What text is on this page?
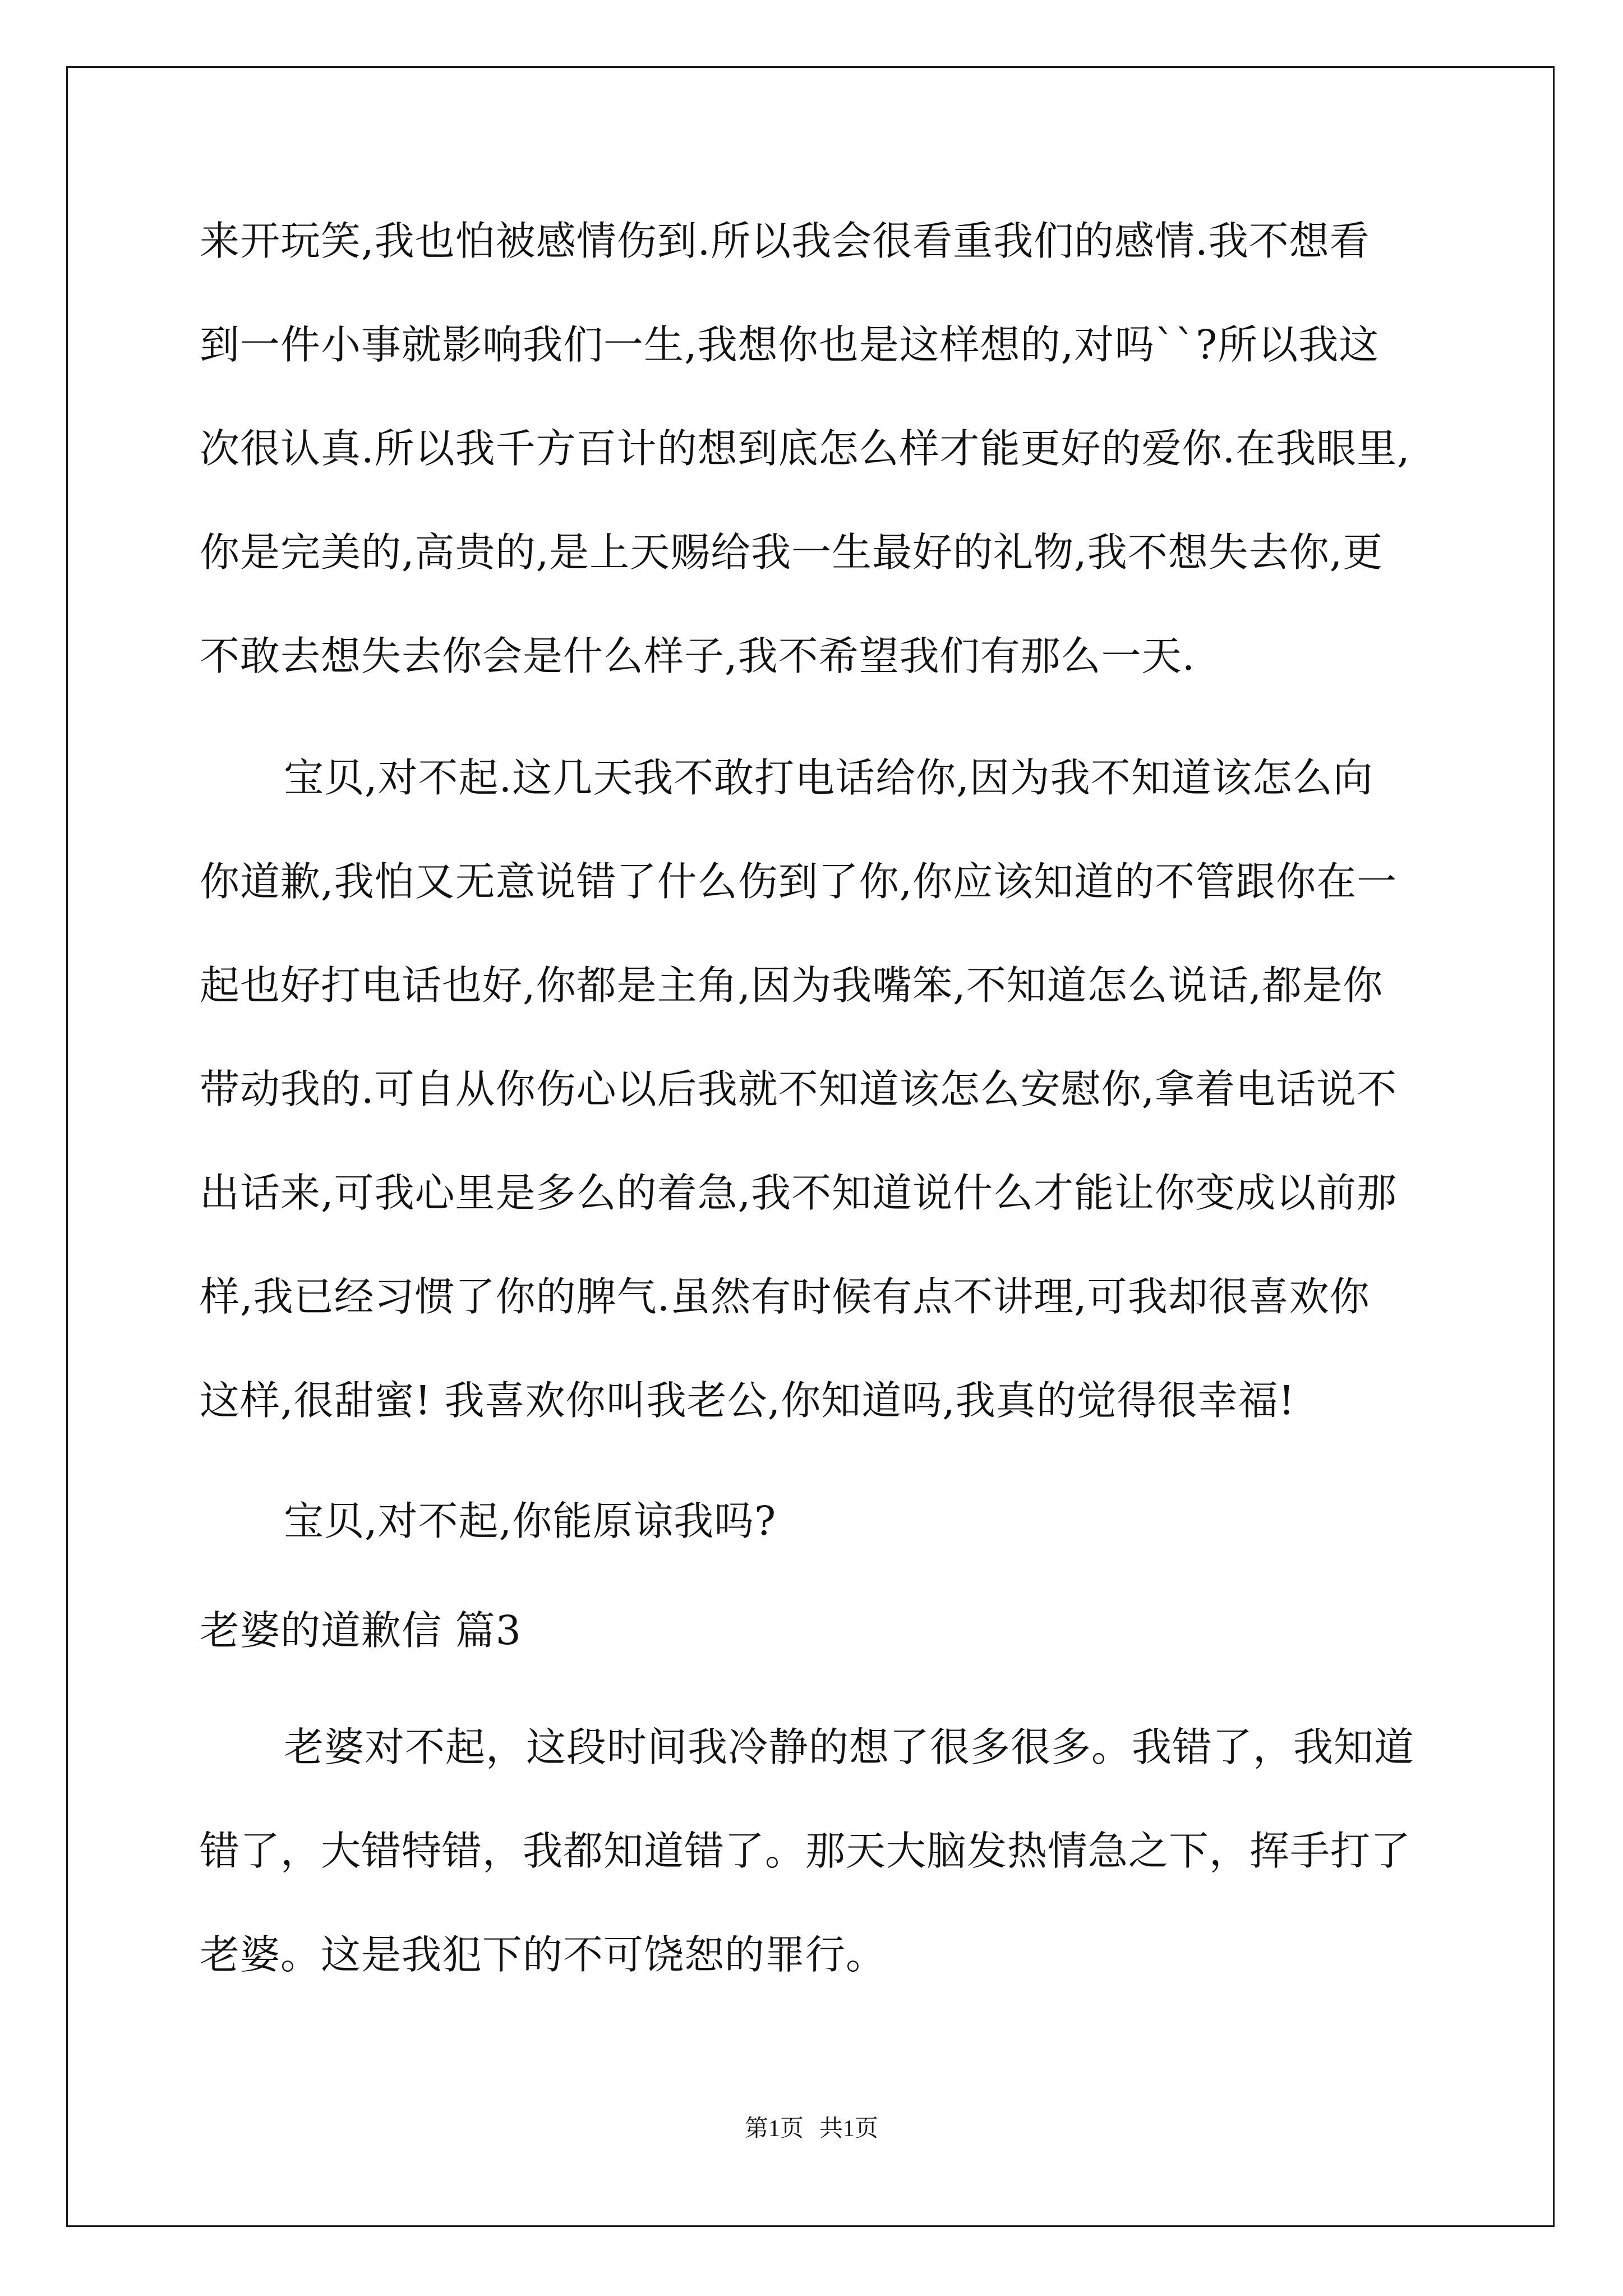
来开玩笑,我也怕被感情伤到.所以我会很看重我们的感情.我不想看
到一件小事就影响我们一生,我想你也是这样想的,对吗``?所以我这
次很认真.所以我千方百计的想到底怎么样才能更好的爱你.在我眼里,
你是完美的,高贵的,是上天赐给我一生最好的礼物,我不想失去你,更
不敢去想失去你会是什么样子,我不希望我们有那么一天.
宝贝,对不起.这几天我不敢打电话给你,因为我不知道该怎么向
你道歉,我怕又无意说错了什么伤到了你,你应该知道的不管跟你在一
起也好打电话也好,你都是主角,因为我嘴笨,不知道怎么说话,都是你
带动我的.可自从你伤心以后我就不知道该怎么安慰你,拿着电话说不
出话来,可我心里是多么的着急,我不知道说什么才能让你变成以前那
样,我已经习惯了你的脾气.虽然有时候有点不讲理,可我却很喜欢你
这样,很甜蜜! 我喜欢你叫我老公,你知道吗,我真的觉得很幸福!
宝贝,对不起,你能原谅我吗?
老婆的道歉信 篇3
老婆对不起，这段时间我冷静的想了很多很多。我错了，我知道
错了，大错特错，我都知道错了。那天大脑发热情急之下，挥手打了
老婆。这是我犯下的不可饶恕的罪行。
第1页 共1页
